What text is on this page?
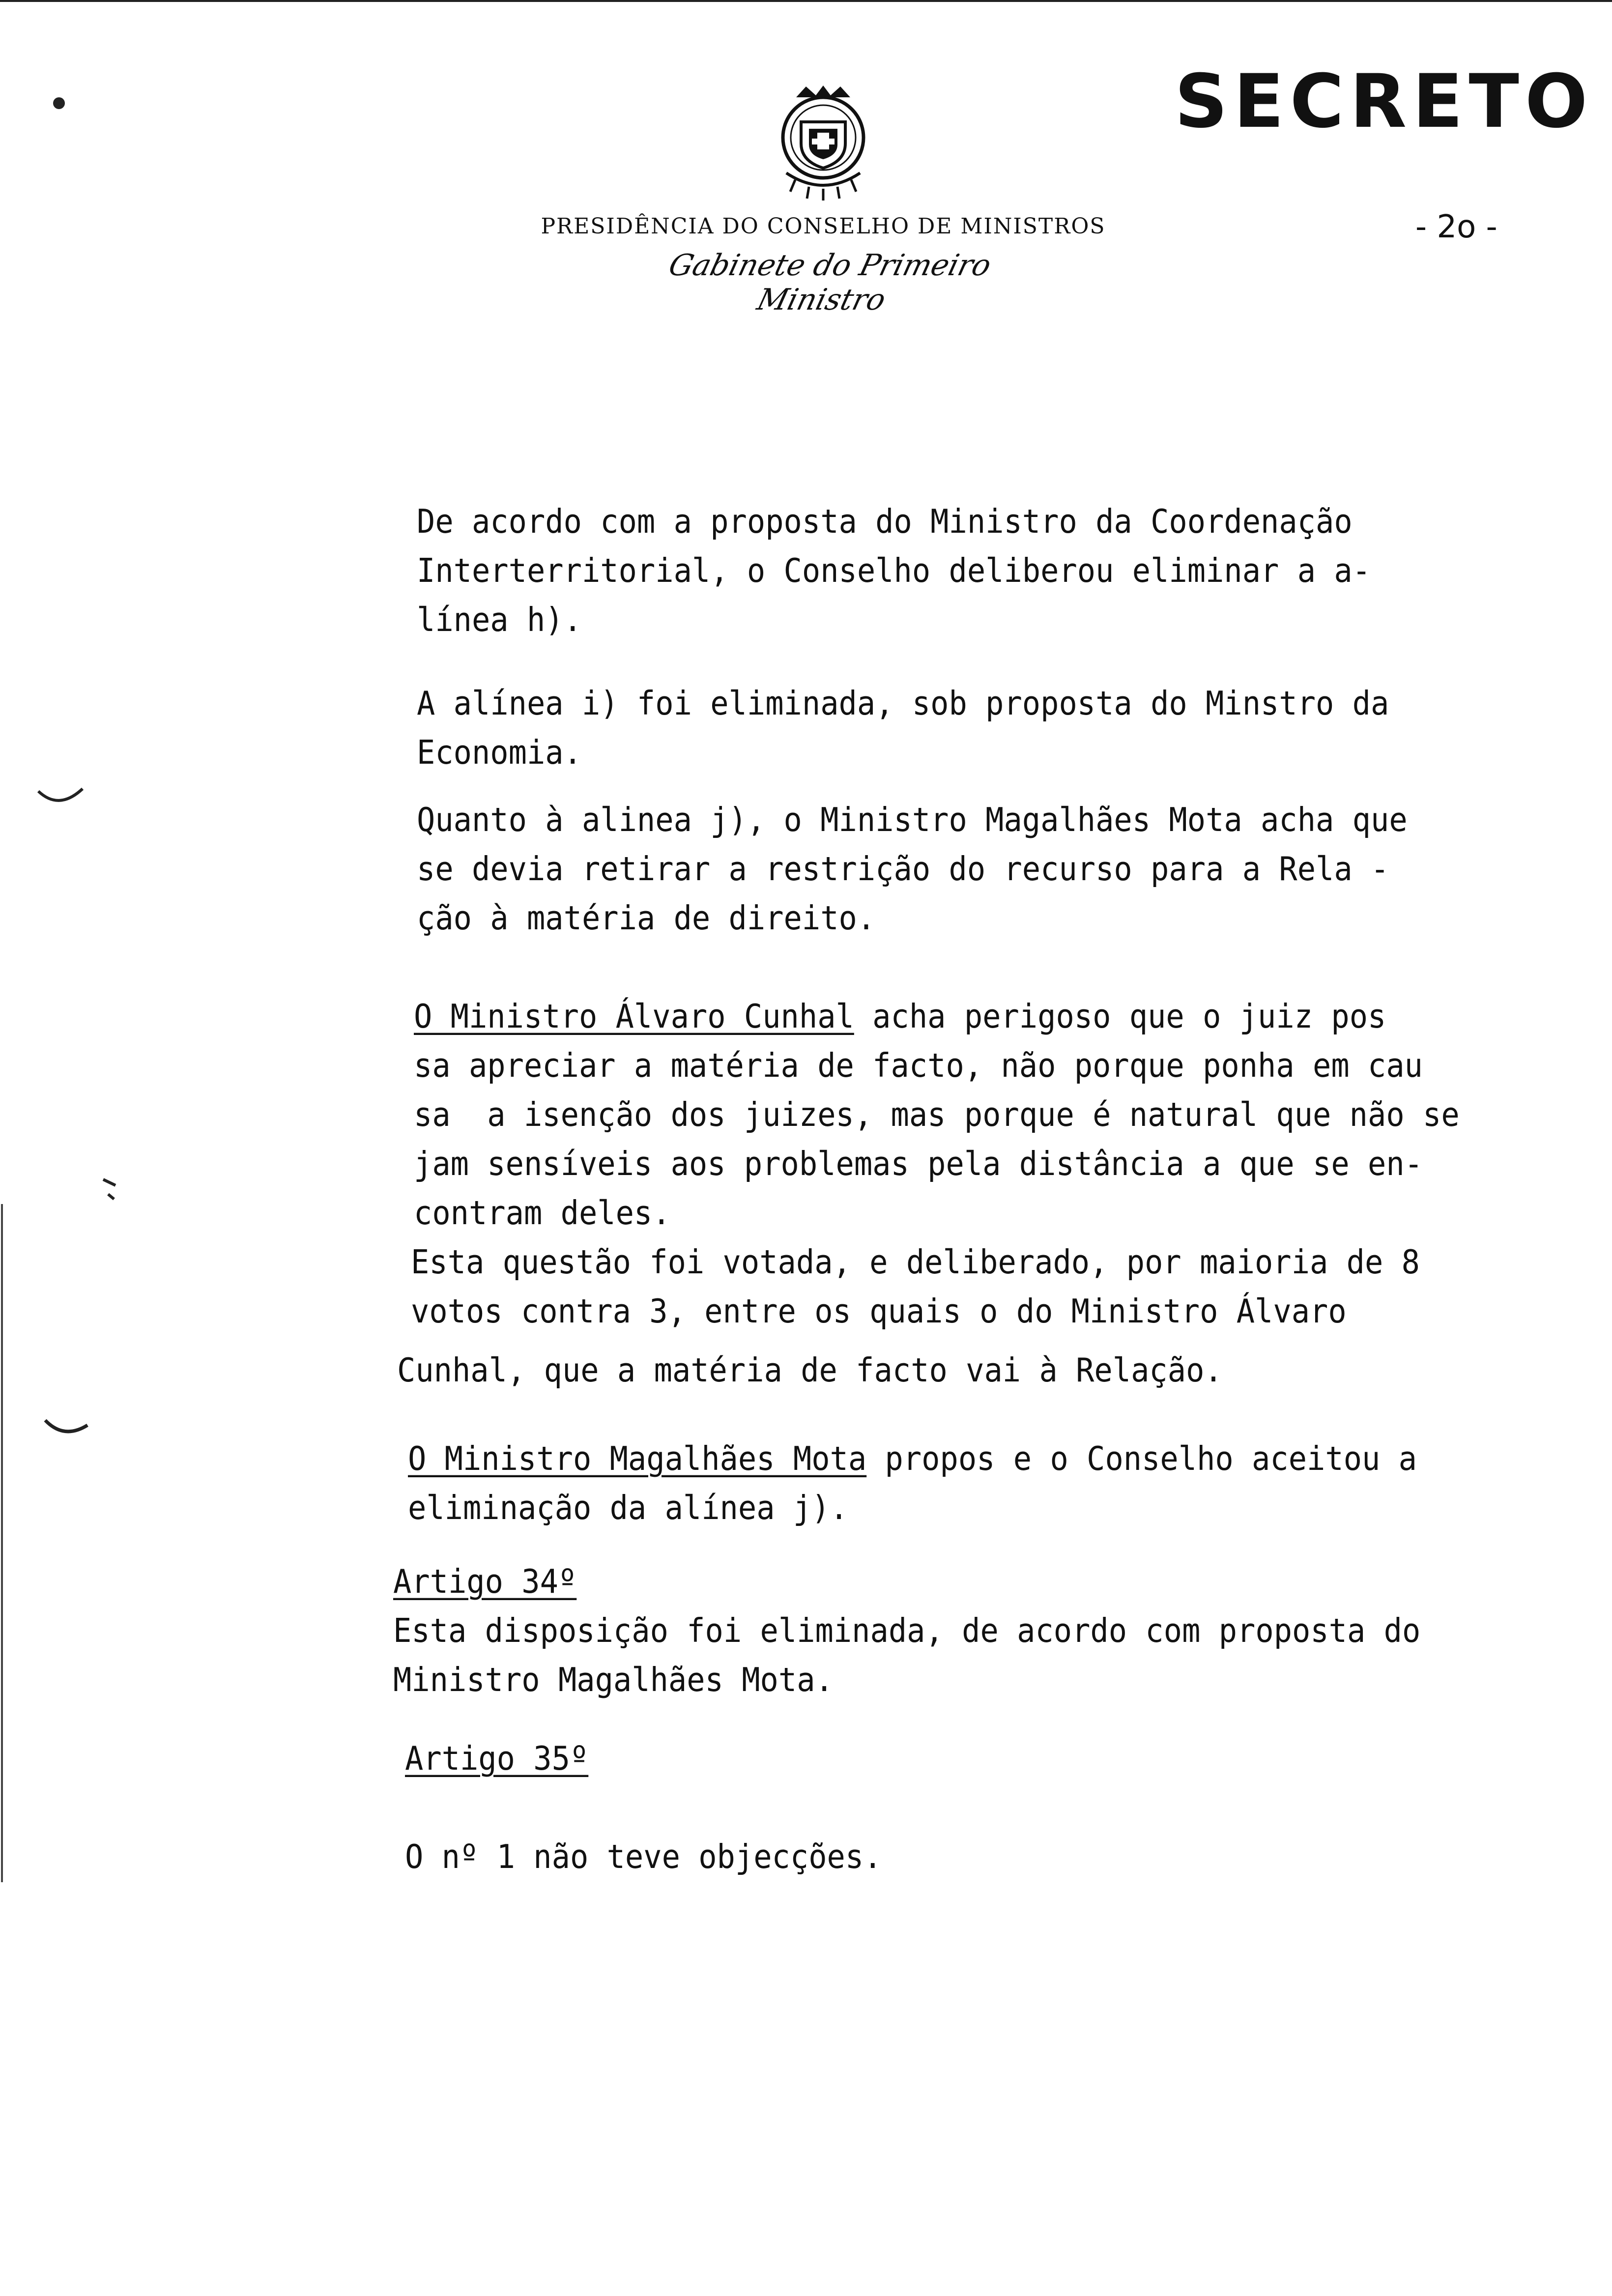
SECRETO
- 2o -
PRESIDÊNCIA DO CONSELHO DE MINISTROS
Gabinete do Primeiro Ministro
De acordo com a proposta do Ministro da Coordenação
Interterritorial, o Conselho deliberou eliminar a a-
línea h).
A alínea i) foi eliminada, sob proposta do Minstro da
Economia.
Quanto à alinea j), o Ministro Magalhães Mota acha que
se devia retirar a restrição do recurso para a Rela -
ção à matéria de direito.
O Ministro Álvaro Cunhal acha perigoso que o juiz pos
sa apreciar a matéria de facto, não porque ponha em cau
sa  a isenção dos juizes, mas porque é natural que não se
jam sensíveis aos problemas pela distância a que se en-
contram deles.
Esta questão foi votada, e deliberado, por maioria de 8
votos contra 3, entre os quais o do Ministro Álvaro
Cunhal, que a matéria de facto vai à Relação.
O Ministro Magalhães Mota propos e o Conselho aceitou a
eliminação da alínea j).
Artigo 34º
Esta disposição foi eliminada, de acordo com proposta do
Ministro Magalhães Mota.
Artigo 35º
O nº 1 não teve objecções.
